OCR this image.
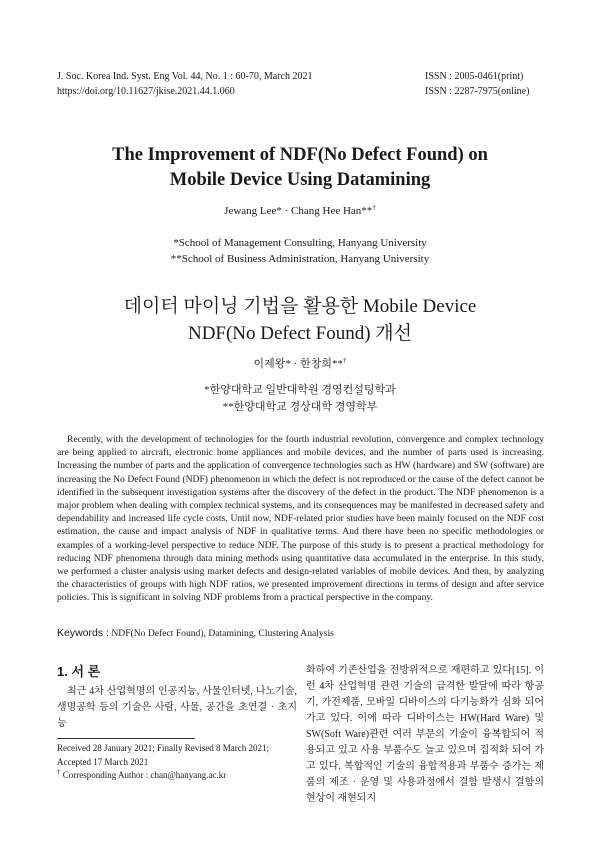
J. Soc. Korea Ind. Syst. Eng Vol. 44, No. 1 : 60-70, March 2021
https://doi.org/10.11627/jkise.2021.44.1.060
ISSN : 2005-0461(print)
ISSN : 2287-7975(online)
The Improvement of NDF(No Defect Found) on
Mobile Device Using Datamining
Jewang Lee* · Chang Hee Han**†
*School of Management Consulting, Hanyang University
**School of Business Administration, Hanyang University
데이터 마이닝 기법을 활용한 Mobile Device
NDF(No Defect Found) 개선
이제왕* · 한창희**†
*한양대학교 일반대학원 경영컨설팅학과
**한양대학교 경상대학 경영학부

Recently, with the development of technologies for the fourth industrial revolution, convergence and complex technology are being applied to aircraft, electronic home appliances and mobile devices, and the number of parts used is increasing. Increasing the number of parts and the application of convergence technologies such as HW (hardware) and SW (software) are increasing the No Defect Found (NDF) phenomenon in which the defect is not reproduced or the cause of the defect cannot be identified in the subsequent investigation systems after the discovery of the defect in the product. The NDF phenomenon is a major problem when dealing with complex technical systems, and its consequences may be manifested in decreased safety and dependability and increased life cycle costs. Until now, NDF-related prior studies have been mainly focused on the NDF cost estimation, the cause and impact analysis of NDF in qualitative terms. And there have been no specific methodologies or examples of a working-level perspective to reduce NDF. The purpose of this study is to present a practical methodology for reducing NDF phenomena through data mining methods using quantitative data accumulated in the enterprise. In this study, we performed a cluster analysis using market defects and design-related variables of mobile devices. And then, by analyzing the characteristics of groups with high NDF ratios, we presented improvement directions in terms of design and after service policies. This is significant in solving NDF problems from a practical perspective in the company.

Keywords : NDF(No Defect Found), Datamining, Clustering Analysis
1. 서 론

최근 4차 산업혁명의 인공지능, 사물인터넷, 나노기술, 생명공학 등의 기술은 사람, 사물, 공간을 초연결 · 초지능

Received 28 January 2021; Finally Revised 8 March 2021;
Accepted 17 March 2021
† Corresponding Author : chan@hanyang.ac.kr

화하여 기존산업을 전방위적으로 재편하고 있다[15]. 이런 4차 산업혁명 관련 기술의 급격한 발달에 따라 항공기, 가전제품, 모바일 디바이스의 다기능화가 심화 되어가고 있다. 이에 따라 디바이스는 HW(Hard Ware) 및 SW(Soft Ware)관련 여러 부문의 기술이 융복합되어 적용되고 있고 사용 부품수도 늘고 있으며 집적화 되어 가고 있다. 복합적인 기술의 융합적용과 부품수 증가는 제품의 제조 · 운영 및 사용과정에서 결함 발생시 결함의 현상이 재현되지
